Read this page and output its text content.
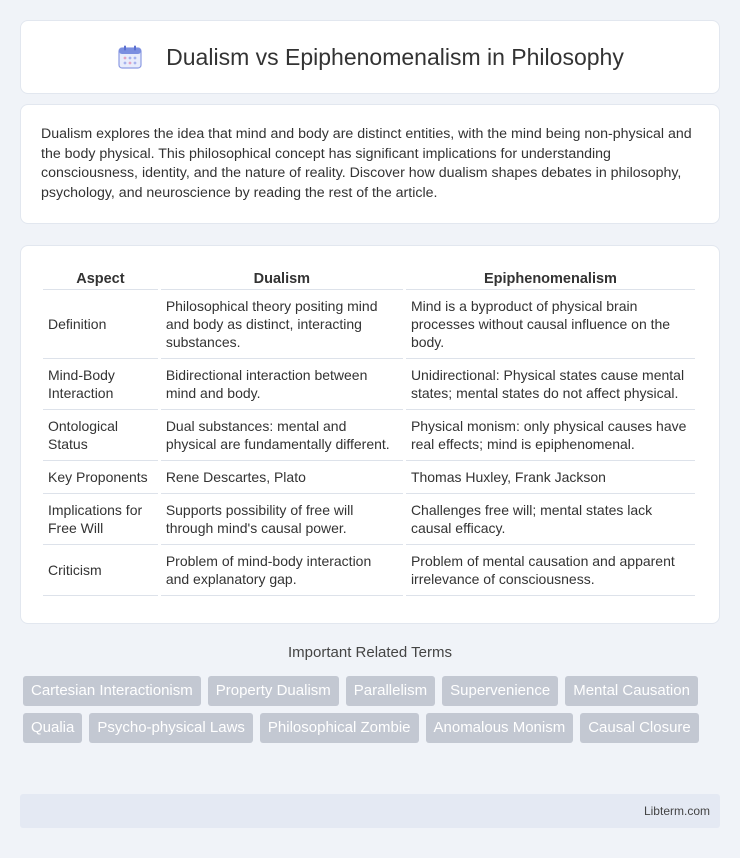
Dualism vs Epiphenomenalism in Philosophy

Dualism explores the idea that mind and body are distinct entities, with the mind being non-physical and the body physical. This philosophical concept has significant implications for understanding consciousness, identity, and the nature of reality. Discover how dualism shapes debates in philosophy, psychology, and neuroscience by reading the rest of the article.

Aspect	Dualism	Epiphenomenalism
Definition	Philosophical theory positing mind and body as distinct, interacting substances.	Mind is a byproduct of physical brain processes without causal influence on the body.
Mind-Body Interaction	Bidirectional interaction between mind and body.	Unidirectional: Physical states cause mental states; mental states do not affect physical.
Ontological Status	Dual substances: mental and physical are fundamentally different.	Physical monism: only physical causes have real effects; mind is epiphenomenal.
Key Proponents	Rene Descartes, Plato	Thomas Huxley, Frank Jackson
Implications for Free Will	Supports possibility of free will through mind's causal power.	Challenges free will; mental states lack causal efficacy.
Criticism	Problem of mind-body interaction and explanatory gap.	Problem of mental causation and apparent irrelevance of consciousness.
Important Related Terms
Cartesian Interactionism	Property Dualism	Parallelism	Supervenience	Mental Causation
Qualia	Psycho-physical Laws	Philosophical Zombie	Anomalous Monism	Causal Closure
Libterm.com
